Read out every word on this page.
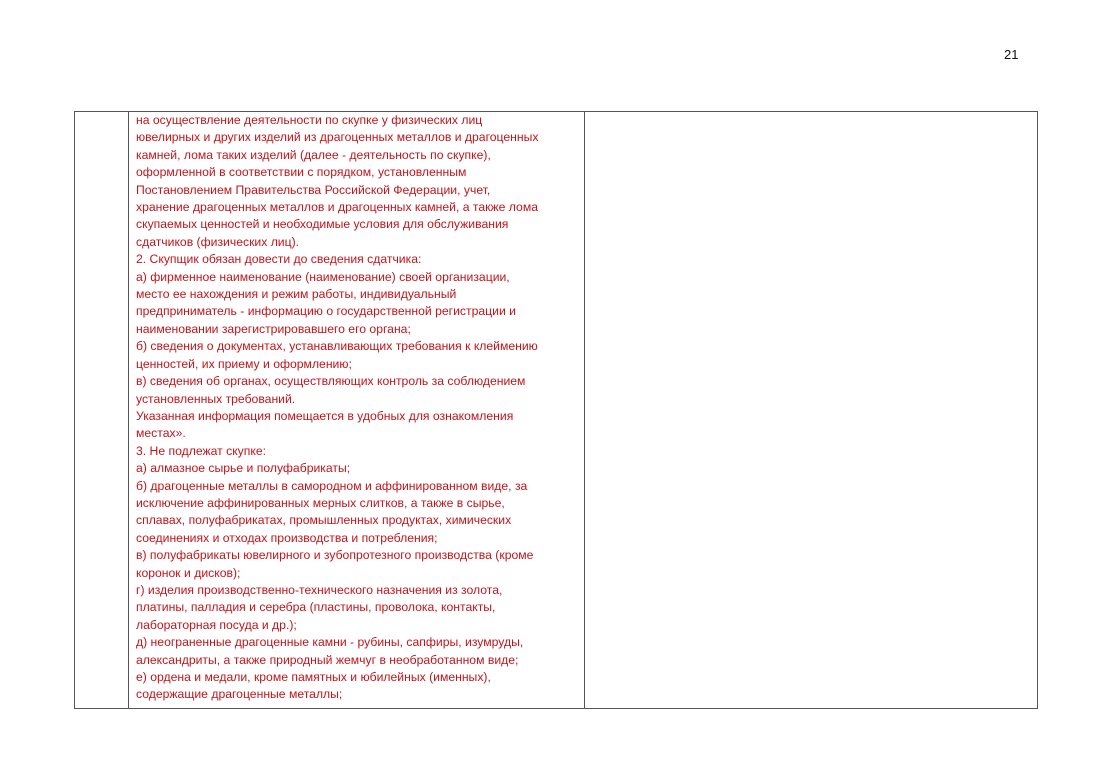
21
на осуществление деятельности по скупке у физических лиц
ювелирных и других изделий из драгоценных металлов и драгоценных
камней, лома таких изделий (далее - деятельность по скупке),
оформленной в соответствии с порядком, установленным
Постановлением Правительства Российской Федерации, учет,
хранение драгоценных металлов и драгоценных камней, а также лома
скупаемых ценностей и необходимые условия для обслуживания
сдатчиков (физических лиц).
2. Скупщик обязан довести до сведения сдатчика:
а) фирменное наименование (наименование) своей организации,
место ее нахождения и режим работы, индивидуальный
предприниматель - информацию о государственной регистрации и
наименовании зарегистрировавшего его органа;
б) сведения о документах, устанавливающих требования к клеймению
ценностей, их приему и оформлению;
в) сведения об органах, осуществляющих контроль за соблюдением
установленных требований.
Указанная информация помещается в удобных для ознакомления
местах».
3. Не подлежат скупке:
а) алмазное сырье и полуфабрикаты;
б) драгоценные металлы в самородном и аффинированном виде, за
исключение аффинированных мерных слитков, а также в сырье,
сплавах, полуфабрикатах, промышленных продуктах, химических
соединениях и отходах производства и потребления;
в) полуфабрикаты ювелирного и зубопротезного производства (кроме
коронок и дисков);
г) изделия производственно-технического назначения из золота,
платины, палладия и серебра (пластины, проволока, контакты,
лабораторная посуда и др.);
д) неограненные драгоценные камни - рубины, сапфиры, изумруды,
александриты, а также природный жемчуг в необработанном виде;
е) ордена и медали, кроме памятных и юбилейных (именных),
содержащие драгоценные металлы;
